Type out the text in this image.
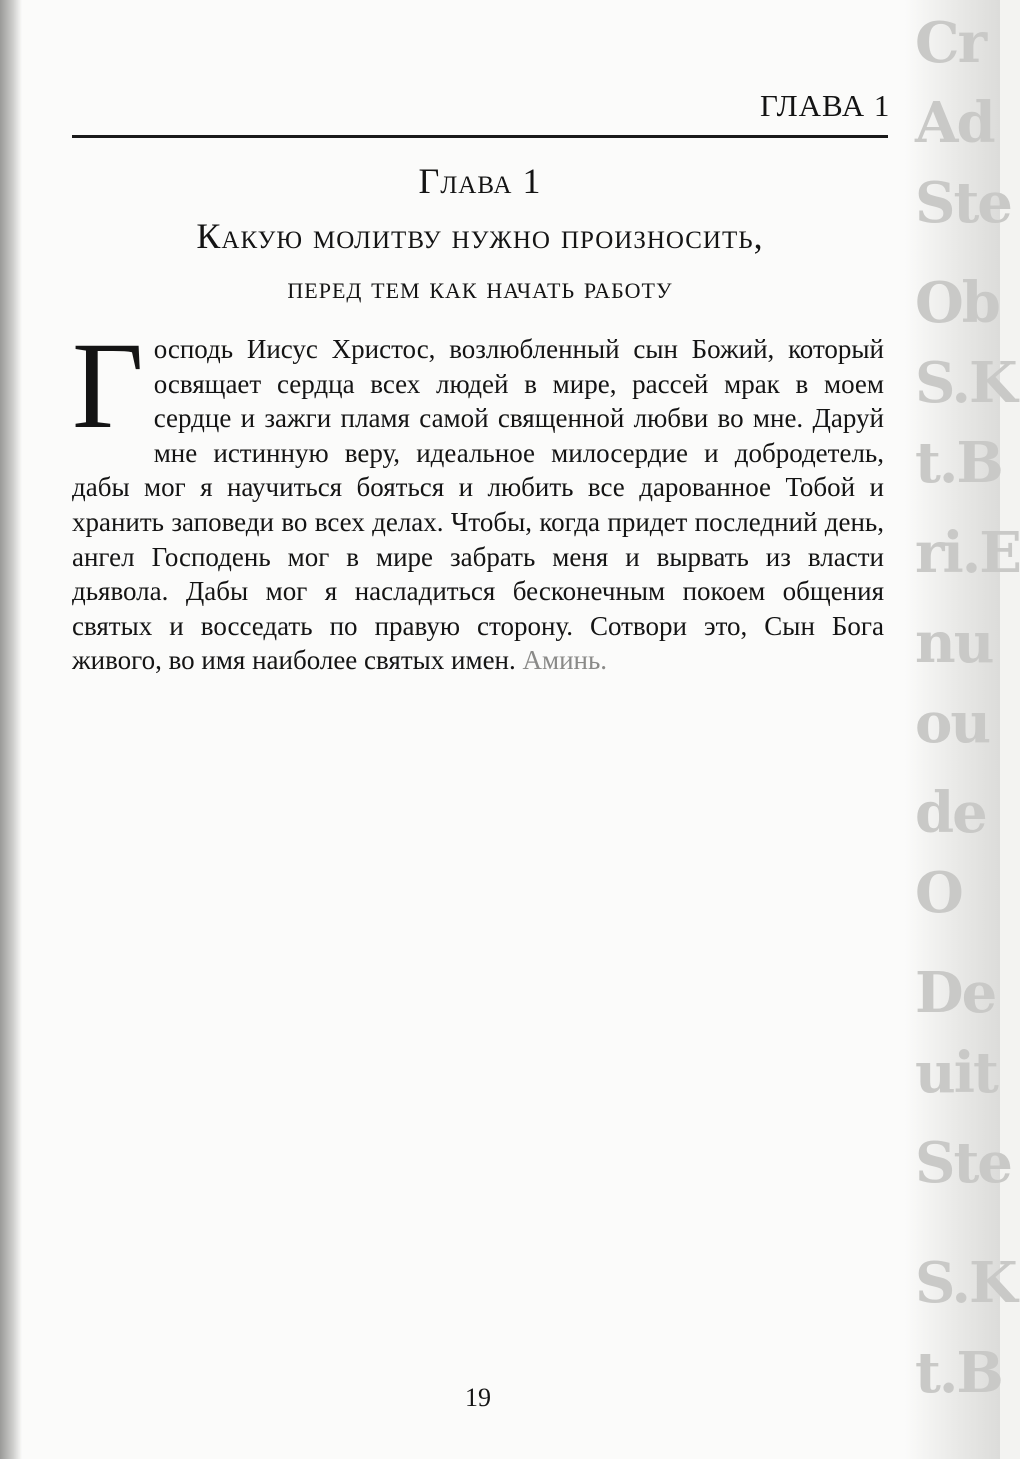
Cr
Ad
Ste
Ob
S.K
t.B
ri.E
nu
ou
de
O
De
uit
Ste
S.K
t.B
ГЛАВА 1
Глава 1
Какую молитву нужно произносить,
перед тем как начать работу
Господь Иисус Христос, возлюбленный сын Божий, который освящает сердца всех людей в мире, рассей мрак в моем сердце и зажги пламя самой священной любви во мне. Даруй мне истинную веру, идеальное милосердие и добродетель, дабы мог я научиться бояться и любить все дарованное Тобой и хранить заповеди во всех делах. Чтобы, когда придет последний день, ангел Господень мог в мире забрать меня и вырвать из власти дьявола. Дабы мог я насладиться бесконечным покоем общения святых и восседать по правую сторону. Сотвори это, Сын Бога живого, во имя наиболее святых имен. Аминь.
19
